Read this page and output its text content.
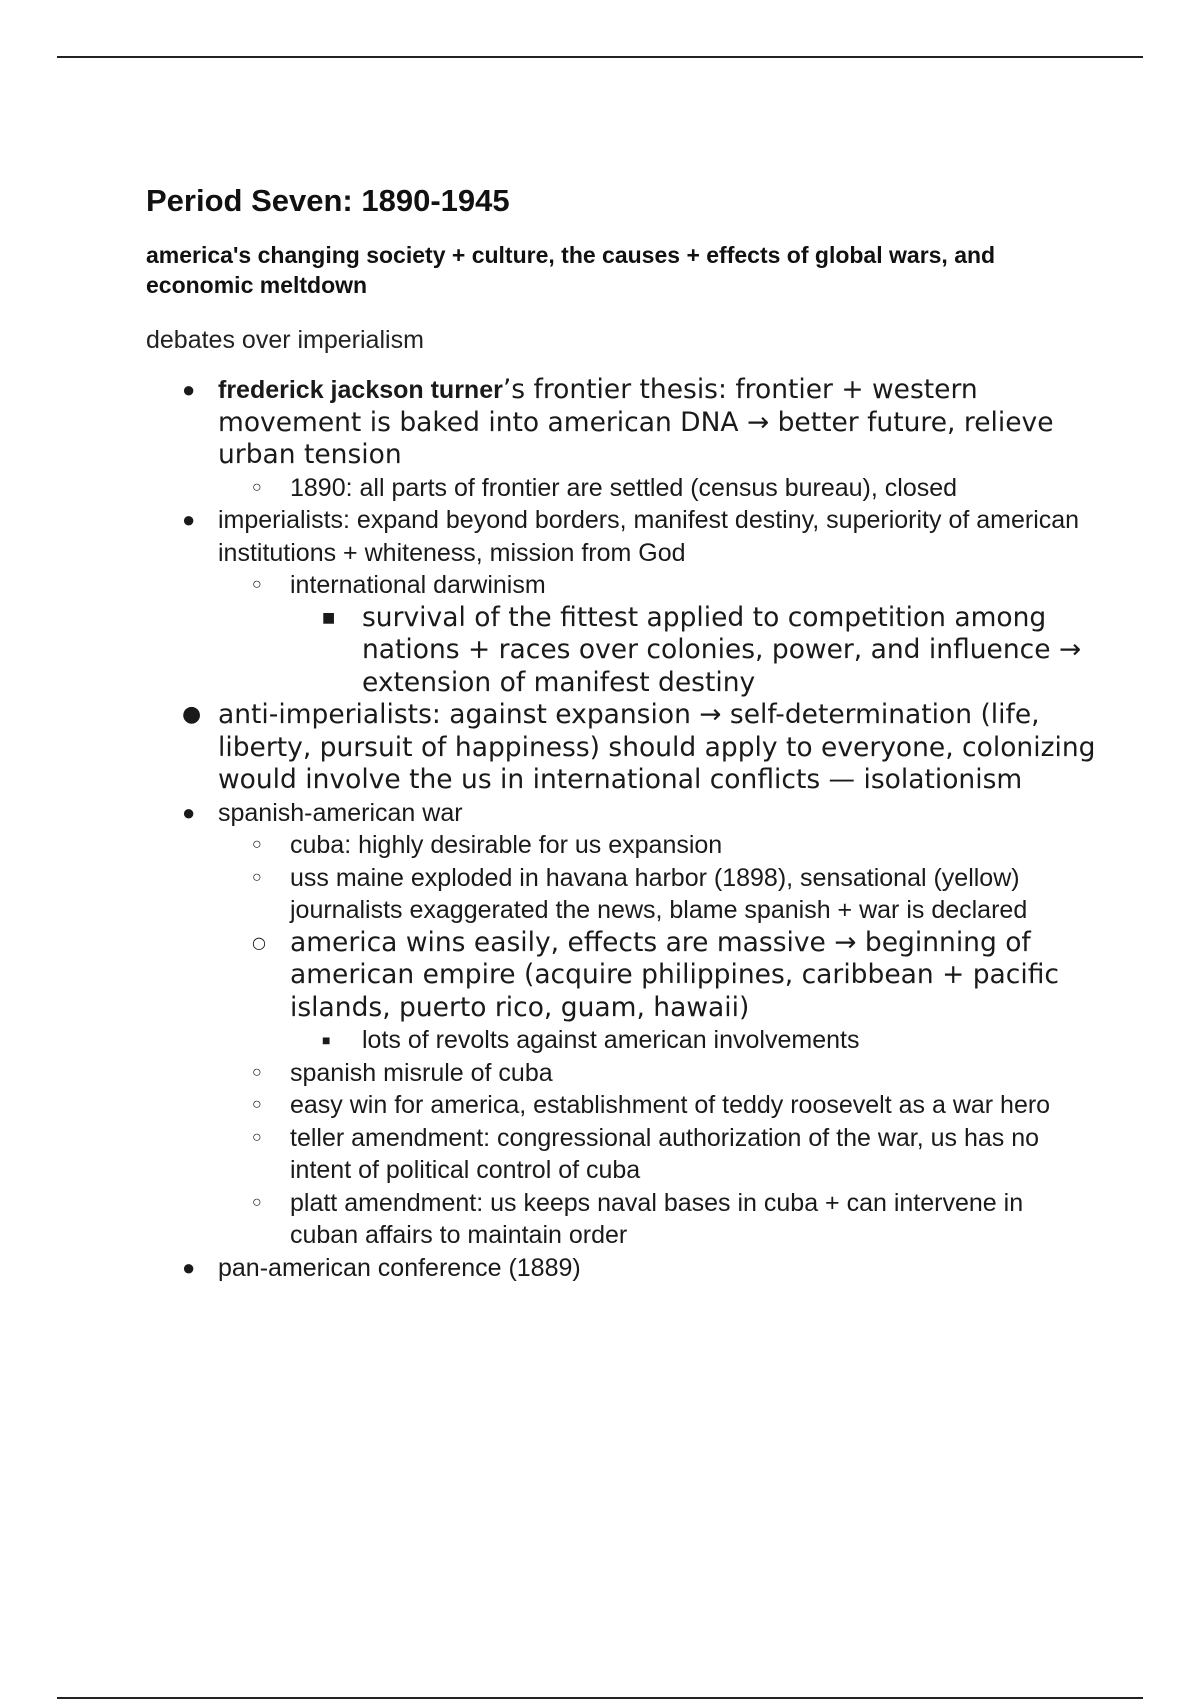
Period Seven: 1890-1945

america's changing society + culture, the causes + effects of global wars, and economic meltdown

debates over imperialism

● frederick jackson turner’s frontier thesis: frontier + western movement is baked into american DNA → better future, relieve urban tension
○ 1890: all parts of frontier are settled (census bureau), closed
● imperialists: expand beyond borders, manifest destiny, superiority of american institutions + whiteness, mission from God
○ international darwinism
■ survival of the fittest applied to competition among nations + races over colonies, power, and influence → extension of manifest destiny
● anti-imperialists: against expansion → self-determination (life, liberty, pursuit of happiness) should apply to everyone, colonizing would involve the us in international conflicts — isolationism
● spanish-american war
○ cuba: highly desirable for us expansion
○ uss maine exploded in havana harbor (1898), sensational (yellow) journalists exaggerated the news, blame spanish + war is declared
○ america wins easily, effects are massive → beginning of american empire (acquire philippines, caribbean + pacific islands, puerto rico, guam, hawaii)
■ lots of revolts against american involvements
○ spanish misrule of cuba
○ easy win for america, establishment of teddy roosevelt as a war hero
○ teller amendment: congressional authorization of the war, us has no intent of political control of cuba
○ platt amendment: us keeps naval bases in cuba + can intervene in cuban affairs to maintain order
● pan-american conference (1889)
